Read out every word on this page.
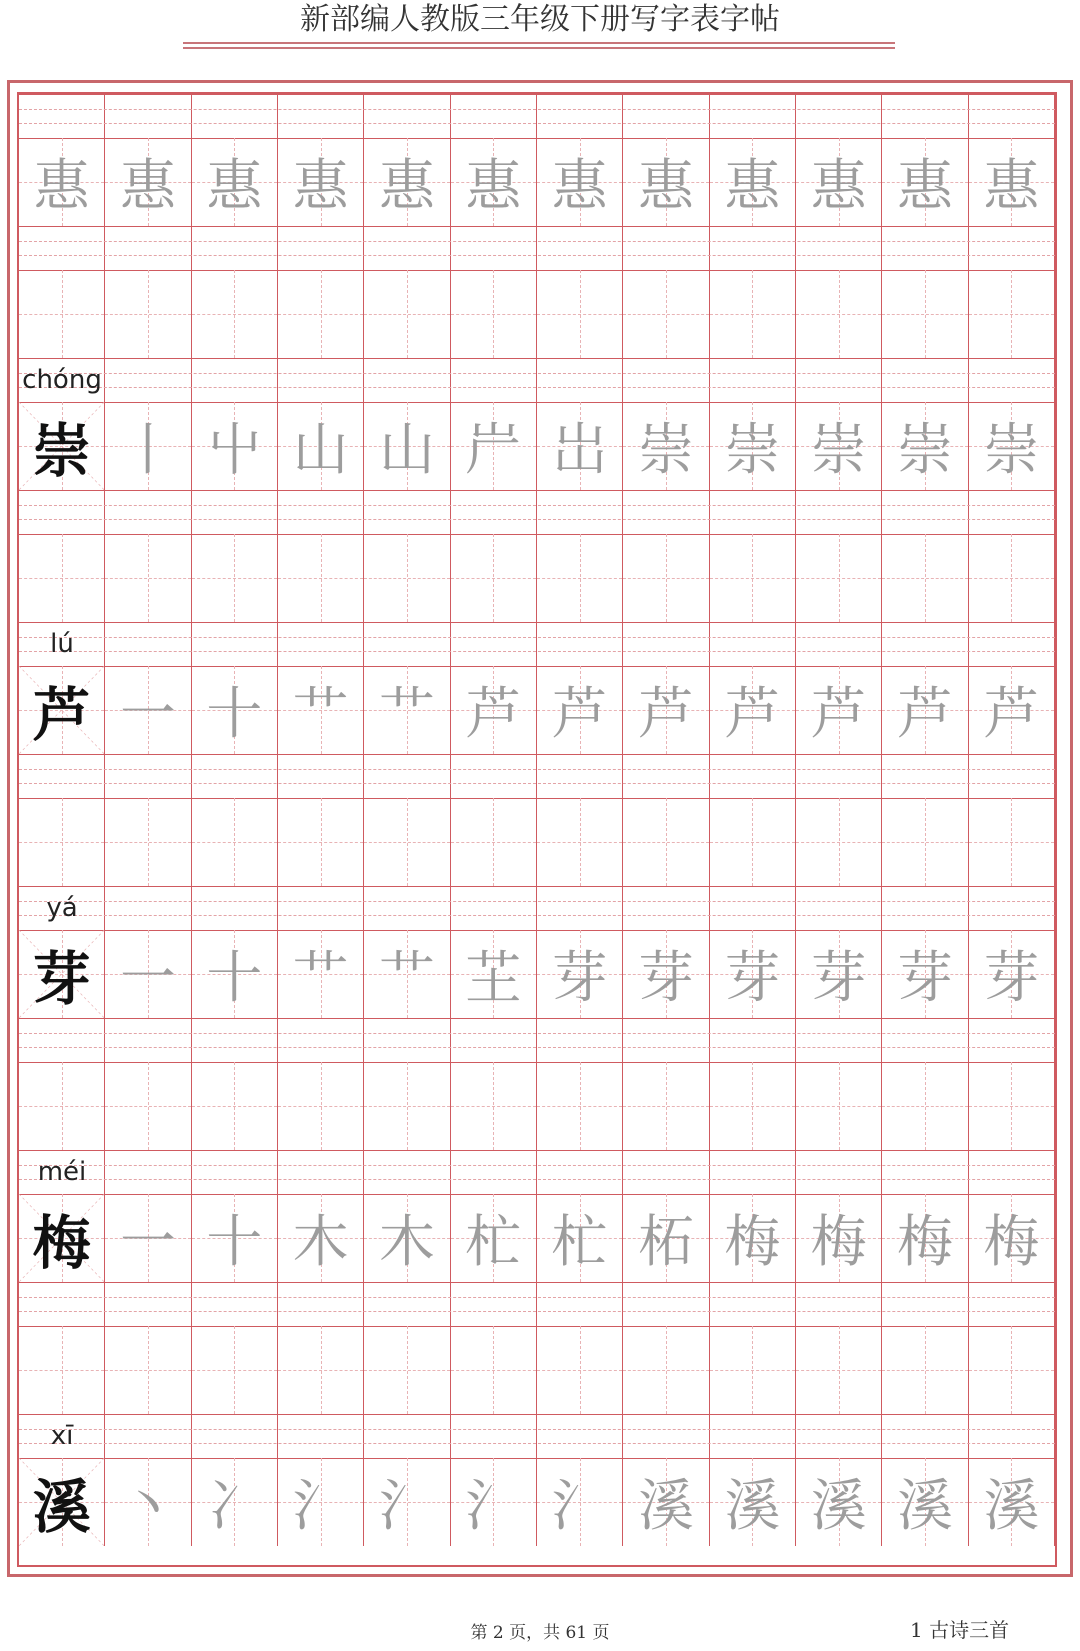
新部编人教版三年级下册写字表字帖
惠 惠 惠 惠 惠 惠 惠 惠 惠 惠 惠 惠
chóng
崇 丨 屮 山 山 屵 岀 崇 崇 崇 崇 崇
lú
芦 一 十 艹 艹 芦 芦 芦 芦 芦 芦 芦
yá
芽 一 十 艹 艹 芏 芽 芽 芽 芽 芽 芽
méi
梅 一 十 木 木 杧 杧 柘 梅 梅 梅 梅
xī
溪 丶 冫 氵 氵 氵 氵 溪 溪 溪 溪 溪
第 2 页，共 61 页	1 古诗三首
